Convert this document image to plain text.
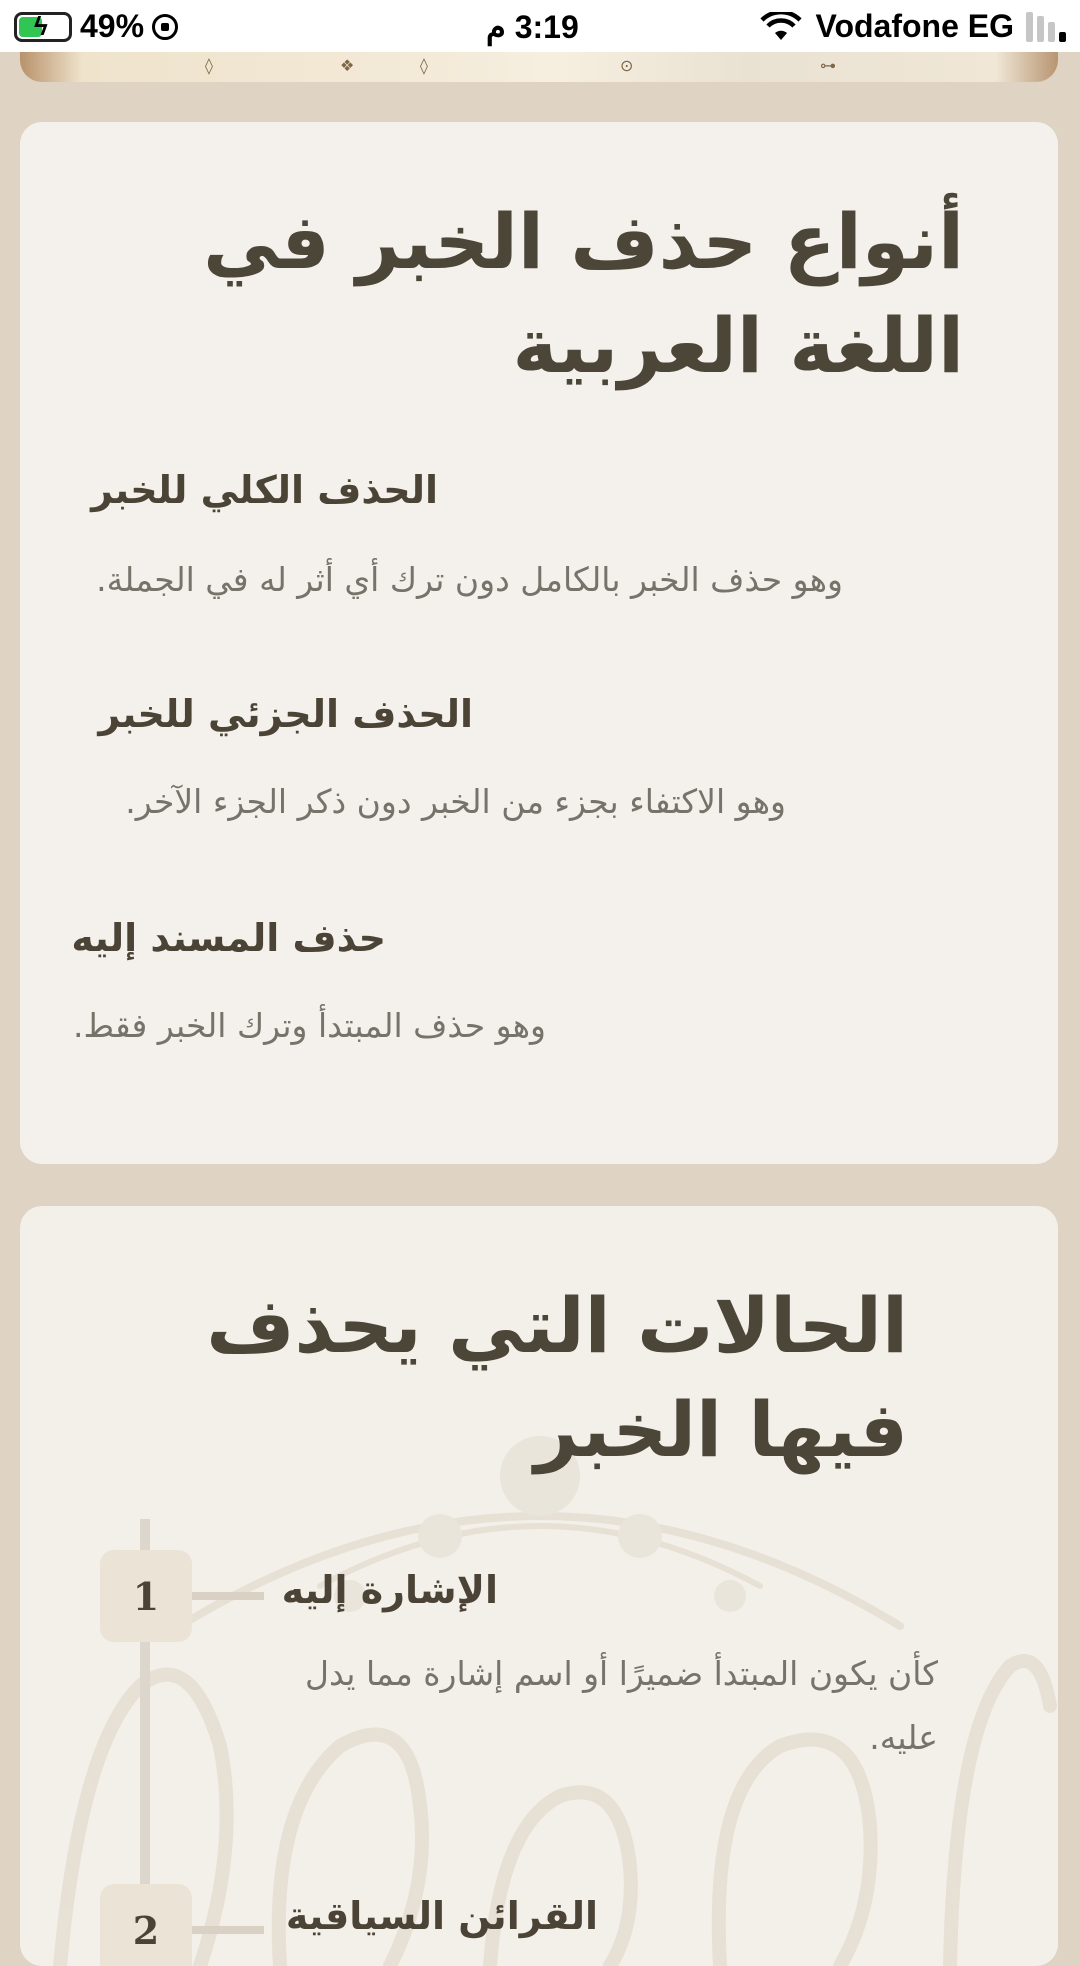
ϟ 49%	3:19 م	Vodafone EG
◊	❖	◊	⊙	⊶
أنواع حذف الخبر في اللغة العربية
الحذف الكلي للخبر
وهو حذف الخبر بالكامل دون ترك أي أثر له في الجملة.
الحذف الجزئي للخبر
وهو الاكتفاء بجزء من الخبر دون ذكر الجزء الآخر.
حذف المسند إليه
وهو حذف المبتدأ وترك الخبر فقط.
الحالات التي يحذف فيها الخبر
1	الإشارة إليه
كأن يكون المبتدأ ضميرًا أو اسم إشارة مما يدل عليه.
2	القرائن السياقية
